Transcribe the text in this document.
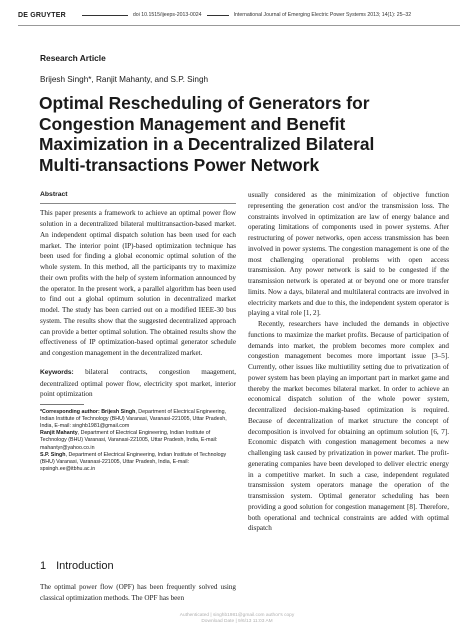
DE GRUYTER	doi 10.1515/ijeeps-2013-0024	International Journal of Emerging Electric Power Systems 2013; 14(1): 25–32
Research Article
Brijesh Singh*, Ranjit Mahanty, and S.P. Singh
Optimal Rescheduling of Generators for
Congestion Management and Benefit
Maximization in a Decentralized Bilateral
Multi-transactions Power Network
Abstract

This paper presents a framework to achieve an optimal power flow solution in a decentralized bilateral multitransaction-based market. An independent optimal dispatch solution has been used for each market. The interior point (IP)-based optimization technique has been used for finding a global economic optimal solution of the whole system. In this method, all the participants try to maximize their own profits with the help of system information announced by the operator. In the present work, a parallel algorithm has been used to find out a global optimum solution in decentralized market model. The study has been carried out on a modified IEEE-30 bus system. The results show that the suggested decentralized approach can provide a better optimal solution. The obtained results show the effectiveness of IP optimization-based optimal generator schedule and congestion management in the decentralized market.

Keywords: bilateral contracts, congestion maagement, decentralized optimal power flow, electricity spot market, interior point optimization

*Corresponding author: Brijesh Singh, Department of Electrical Engineering, Indian Institute of Technology (BHU) Varanasi, Varanasi-221005, Uttar Pradesh, India, E-mail: singhb1981@gmail.com

Ranjit Mahanty, Department of Electrical Engineering, Indian Institute of Technology (BHU) Varanasi, Varanasi-221005, Uttar Pradesh, India, E-mail: mahantyr@yahoo.co.in

S.P. Singh, Department of Electrical Engineering, Indian Institute of Technology (BHU) Varanasi, Varanasi-221005, Uttar Pradesh, India, E-mail: spsingh.ee@itbhu.ac.in

1 Introduction

The optimal power flow (OPF) has been frequently solved using classical optimization methods. The OPF has been

usually considered as the minimization of objective function representing the generation cost and/or the transmission loss. The constraints involved in optimization are law of energy balance and operating limitations of components used in power systems. After restructuring of power networks, open access transmission has been involved in power systems. The congestion management is one of the most challenging operational problems with open access transmission. Any power network is said to be congested if the transmission network is operated at or beyond one or more transfer limits. Now a days, bilateral and multilateral contracts are involved in electricity markets and due to this, the independent system operator is playing a vital role [1, 2].

Recently, researchers have included the demands in objective functions to maximize the market profits. Because of participation of demands into market, the problem becomes more complex and congestion management becomes more important issue [3–5]. Currently, other issues like multiutility setting due to privatization of power system has been playing an important part in market game and thereby the market becomes bilateral market. In order to achieve an economical dispatch solution of the whole power system, decentralized decision-making-based optimization is required. Because of decentralization of market structure the concept of decomposition is involved for obtaining an optimum solution [6, 7]. Economic dispatch with congestion management becomes a new challenging task caused by privatization in power market. The profit-generating companies have been developed to deliver electric energy in a competitive market. In such a case, independent regulated transmission system operators manage the operation of the transmission system. Optimal generator scheduling has been providing a good solution for congestion management [8]. Therefore, both operational and technical constraints are added with optimal dispatch

Authenticated | singhb1981@gmail.com author's copy
Download Date | 9/6/13 11:03 AM
